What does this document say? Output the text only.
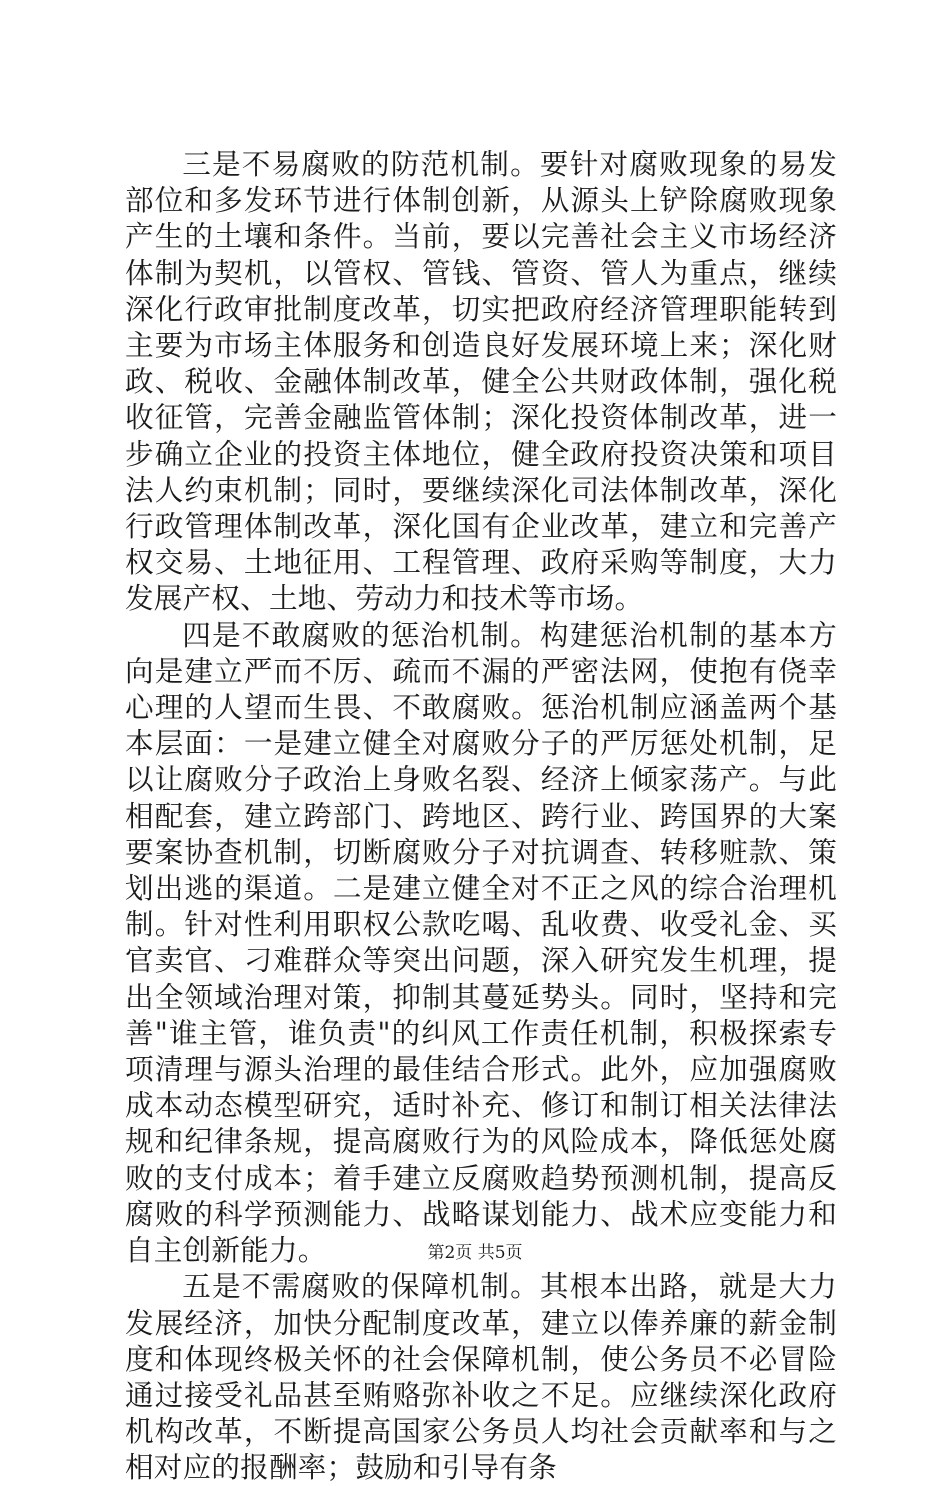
三是不易腐败的防范机制。要针对腐败现象的易发部位和多发环节进行体制创新，从源头上铲除腐败现象产生的土壤和条件。当前，要以完善社会主义市场经济体制为契机，以管权、管钱、管资、管人为重点，继续深化行政审批制度改革，切实把政府经济管理职能转到主要为市场主体服务和创造良好发展环境上来；深化财政、税收、金融体制改革，健全公共财政体制，强化税收征管，完善金融监管体制；深化投资体制改革，进一步确立企业的投资主体地位，健全政府投资决策和项目法人约束机制；同时，要继续深化司法体制改革，深化行政管理体制改革，深化国有企业改革，建立和完善产权交易、土地征用、工程管理、政府采购等制度，大力发展产权、土地、劳动力和技术等市场。

四是不敢腐败的惩治机制。构建惩治机制的基本方向是建立严而不厉、疏而不漏的严密法网，使抱有侥幸心理的人望而生畏、不敢腐败。惩治机制应涵盖两个基本层面：一是建立健全对腐败分子的严厉惩处机制，足以让腐败分子政治上身败名裂、经济上倾家荡产。与此相配套，建立跨部门、跨地区、跨行业、跨国界的大案要案协查机制，切断腐败分子对抗调查、转移赃款、策划出逃的渠道。二是建立健全对不正之风的综合治理机制。针对性利用职权公款吃喝、乱收费、收受礼金、买官卖官、刁难群众等突出问题，深入研究发生机理，提出全领域治理对策，抑制其蔓延势头。同时，坚持和完善"谁主管，谁负责"的纠风工作责任机制，积极探索专项清理与源头治理的最佳结合形式。此外，应加强腐败成本动态模型研究，适时补充、修订和制订相关法律法规和纪律条规，提高腐败行为的风险成本，降低惩处腐败的支付成本；着手建立反腐败趋势预测机制，提高反腐败的科学预测能力、战略谋划能力、战术应变能力和自主创新能力。

五是不需腐败的保障机制。其根本出路，就是大力发展经济，加快分配制度改革，建立以俸养廉的薪金制度和体现终极关怀的社会保障机制，使公务员不必冒险通过接受礼品甚至贿赂弥补收之不足。应继续深化政府机构改革，不断提高国家公务员人均社会贡献率和与之相对应的报酬率；鼓励和引导有条

第2页 共5页
